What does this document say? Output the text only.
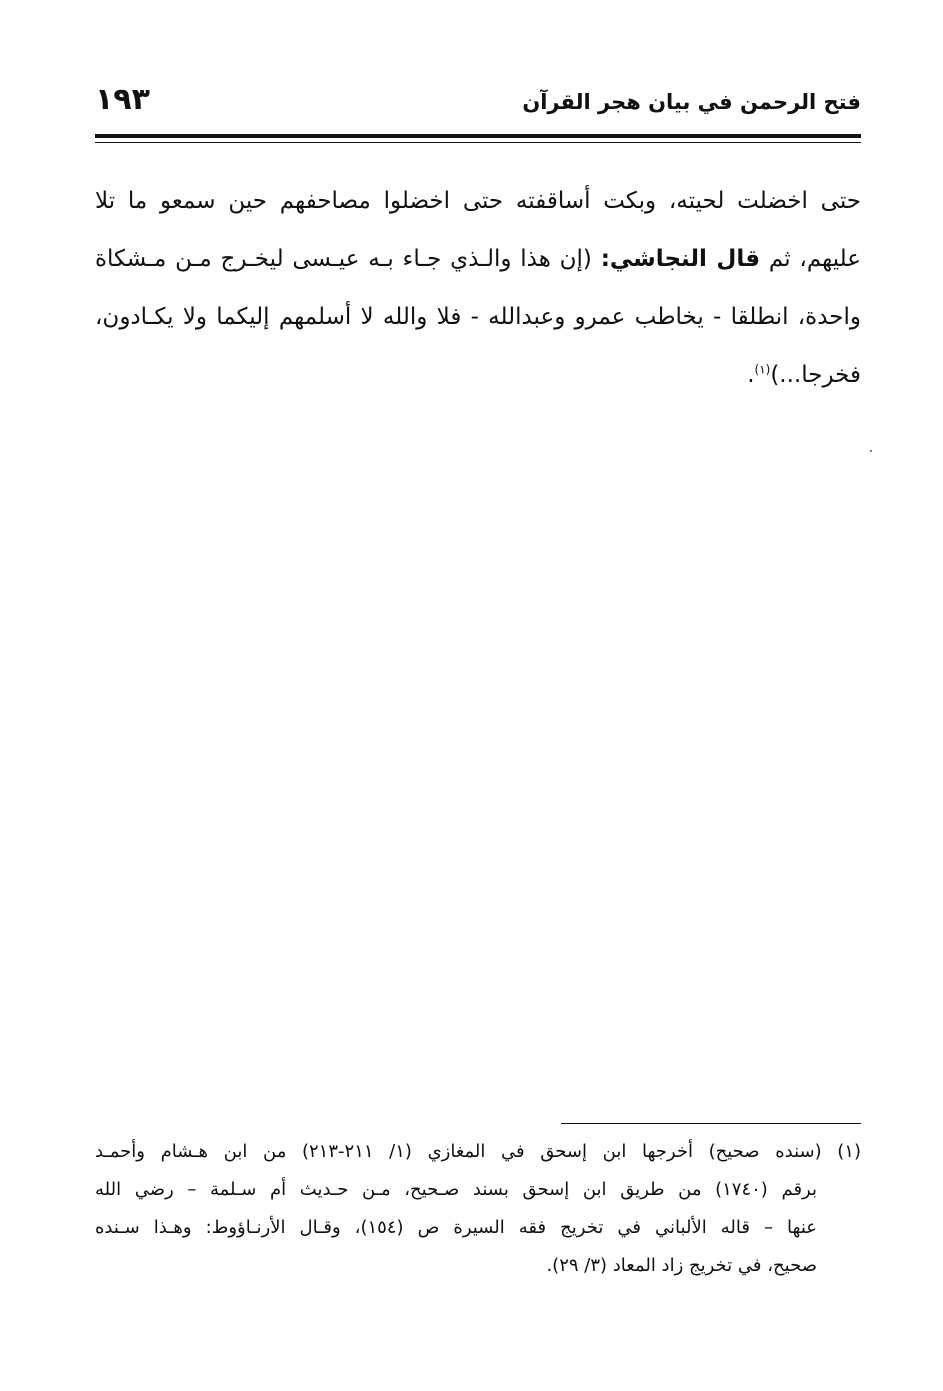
فتح الرحمن في بيان هجر القرآن
١٩٣
حتى اخضلت لحيته، وبكت أساقفته حتى اخضلوا مصاحفهم حين سمعو ما تلا
عليهم، ثم قال النجاشي: (إن هذا والـذي جـاء بـه عيـسى ليخـرج مـن مـشكاة
واحدة، انطلقا - يخاطب عمرو وعبدالله - فلا والله لا أسلمهم إليكما ولا يكـادون،
فخرجا...)$^{(١)}$.
(١) (سنده صحيح) أخرجها ابن إسحق في المغازي (١/ ٢١١-٢١٣) من ابن هـشام وأحمـد
برقم (١٧٤٠) من طريق ابن إسحق بسند صـحيح، مـن حـديث أم سـلمة – رضي الله
عنها – قاله الألباني في تخريج فقه السيرة ص (١٥٤)، وقـال الأرنـاؤوط: وهـذا سـنده
صحيح، في تخريج زاد المعاد (٣/ ٢٩).
